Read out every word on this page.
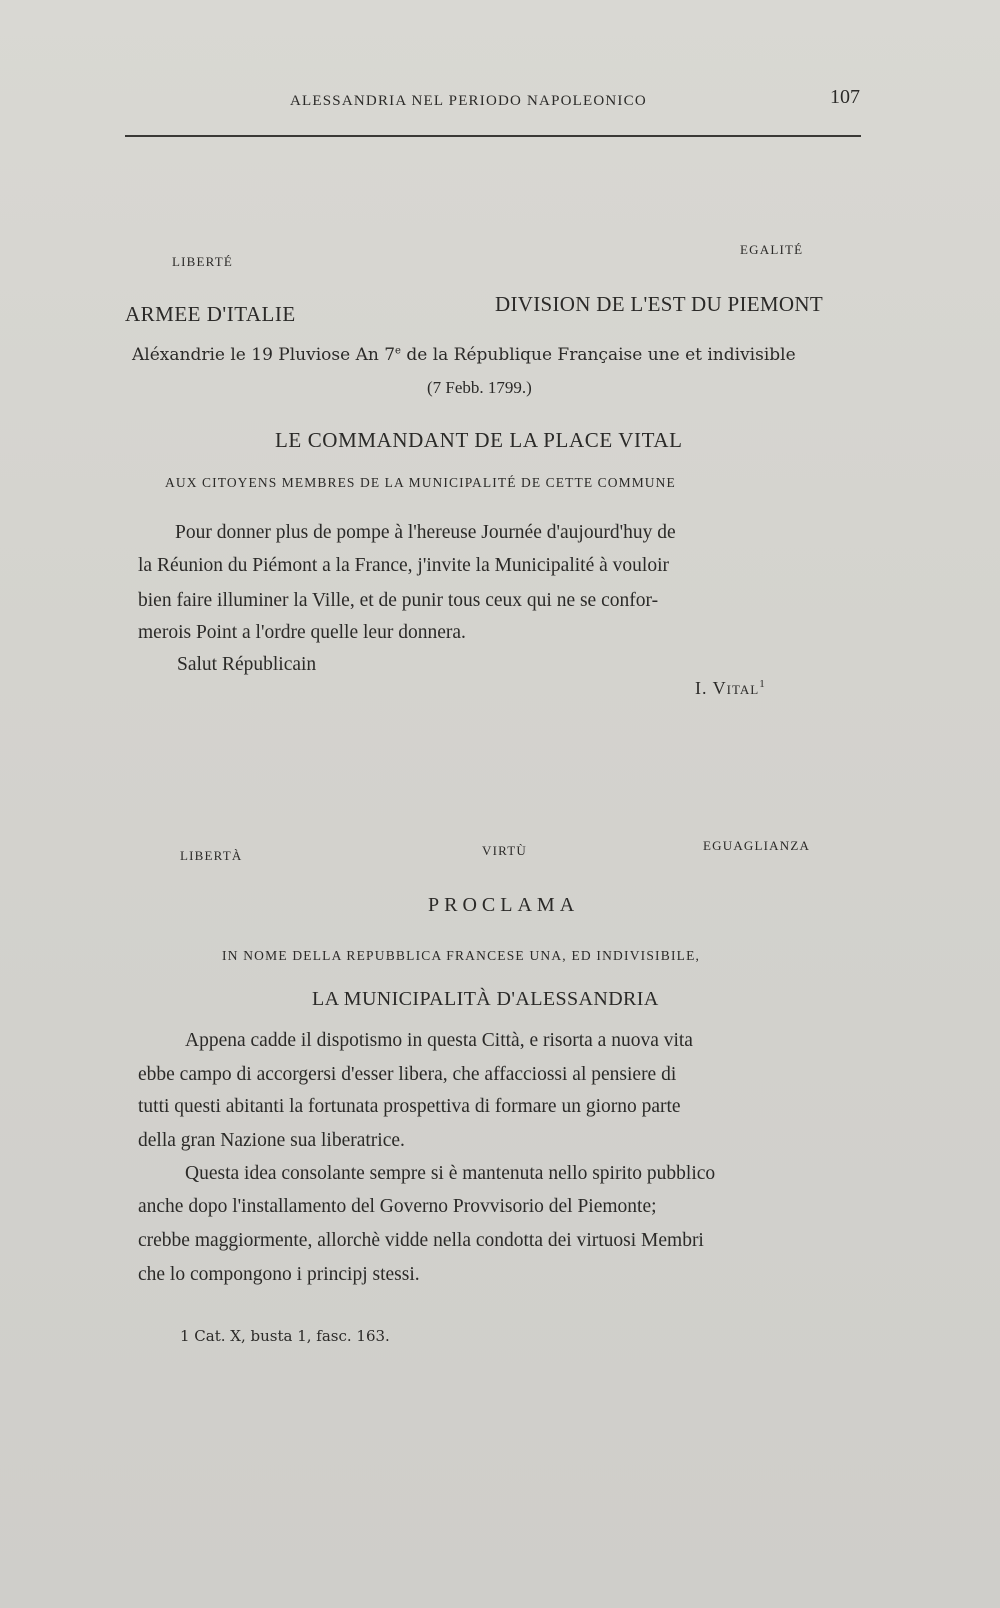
ALESSANDRIA NEL PERIODO NAPOLEONICO	107
LIBERTÉ
EGALITÉ
ARMEE D'ITALIE	DIVISION DE L'EST DU PIEMONT
Aléxandrie le 19 Pluviose An 7e de la République Française une et indivisible
(7 Febb. 1799.)
LE COMMANDANT DE LA PLACE VITAL
AUX CITOYENS MEMBRES DE LA MUNICIPALITÉ DE CETTE COMMUNE
Pour donner plus de pompe à l'hereuse Journée d'aujourd'huy de
la Réunion du Piémont a la France, j'invite la Municipalité à vouloir
bien faire illuminer la Ville, et de punir tous ceux qui ne se confor-
merois Point a l'ordre quelle leur donnera.
Salut Républicain
I. Vital$^1$
LIBERTÀ	VIRTÙ	EGUAGLIANZA
PROCLAMA
IN NOME DELLA REPUBBLICA FRANCESE UNA, ED INDIVISIBILE,
LA MUNICIPALITÀ D'ALESSANDRIA
Appena cadde il dispotismo in questa Città, e risorta a nuova vita
ebbe campo di accorgersi d'esser libera, che affacciossi al pensiere di
tutti questi abitanti la fortunata prospettiva di formare un giorno parte
della gran Nazione sua liberatrice.
Questa idea consolante sempre si è mantenuta nello spirito pubblico
anche dopo l'installamento del Governo Provvisorio del Piemonte;
crebbe maggiormente, allorchè vidde nella condotta dei virtuosi Membri
che lo compongono i principj stessi.
1 Cat. X, busta 1, fasc. 163.
